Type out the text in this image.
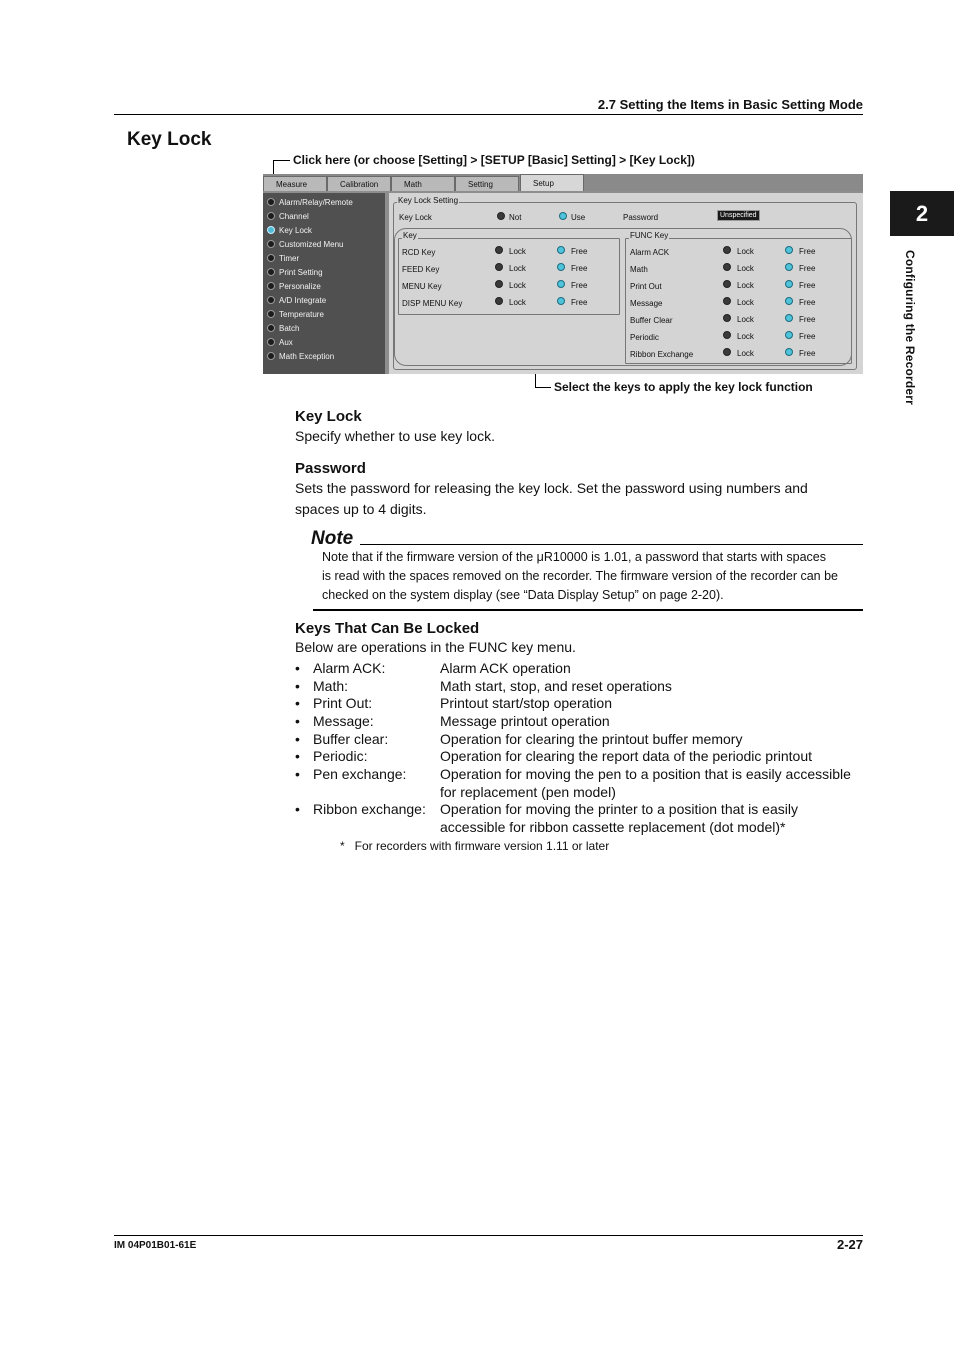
2.7 Setting the Items in Basic Setting Mode
Key Lock
2
Configuring the Recorderr
Click here (or choose [Setting] > [SETUP [Basic] Setting] > [Key Lock])
Select the keys to apply the key lock function
Measure	Calibration	Math	Setting	Setup
Alarm/Relay/Remote
Channel
Key Lock
Customized Menu
Timer
Print Setting
Personalize
A/D Integrate
Temperature
Batch
Aux
Math Exception
Key Lock Setting
Key Lock	Not	Use	Password	Unspecified
Key
RCD Key	Lock	Free
FEED Key	Lock	Free
MENU Key	Lock	Free
DISP MENU Key	Lock	Free
FUNC Key
Alarm ACK	Lock	Free
Math	Lock	Free
Print Out	Lock	Free
Message	Lock	Free
Buffer Clear	Lock	Free
Periodic	Lock	Free
Ribbon Exchange	Lock	Free
Key Lock
Specify whether to use key lock.
Password
Sets the password for releasing the key lock. Set the password using numbers and
spaces up to 4 digits.
Note
Note that if the firmware version of the μR10000 is 1.01, a password that starts with spaces
is read with the spaces removed on the recorder. The firmware version of the recorder can be
checked on the system display (see “Data Display Setup” on page 2-20).
Keys That Can Be Locked
Below are operations in the FUNC key menu.
• Alarm ACK:	Alarm ACK operation
• Math:	Math start, stop, and reset operations
• Print Out:	Printout start/stop operation
• Message:	Message printout operation
• Buffer clear:	Operation for clearing the printout buffer memory
• Periodic:	Operation for clearing the report data of the periodic printout
• Pen exchange: Operation for moving the pen to a position that is easily accessible
for replacement (pen model)
• Ribbon exchange: Operation for moving the printer to a position that is easily
accessible for ribbon cassette replacement (dot model)*
*   For recorders with firmware version 1.11 or later
IM 04P01B01-61E	2-27
